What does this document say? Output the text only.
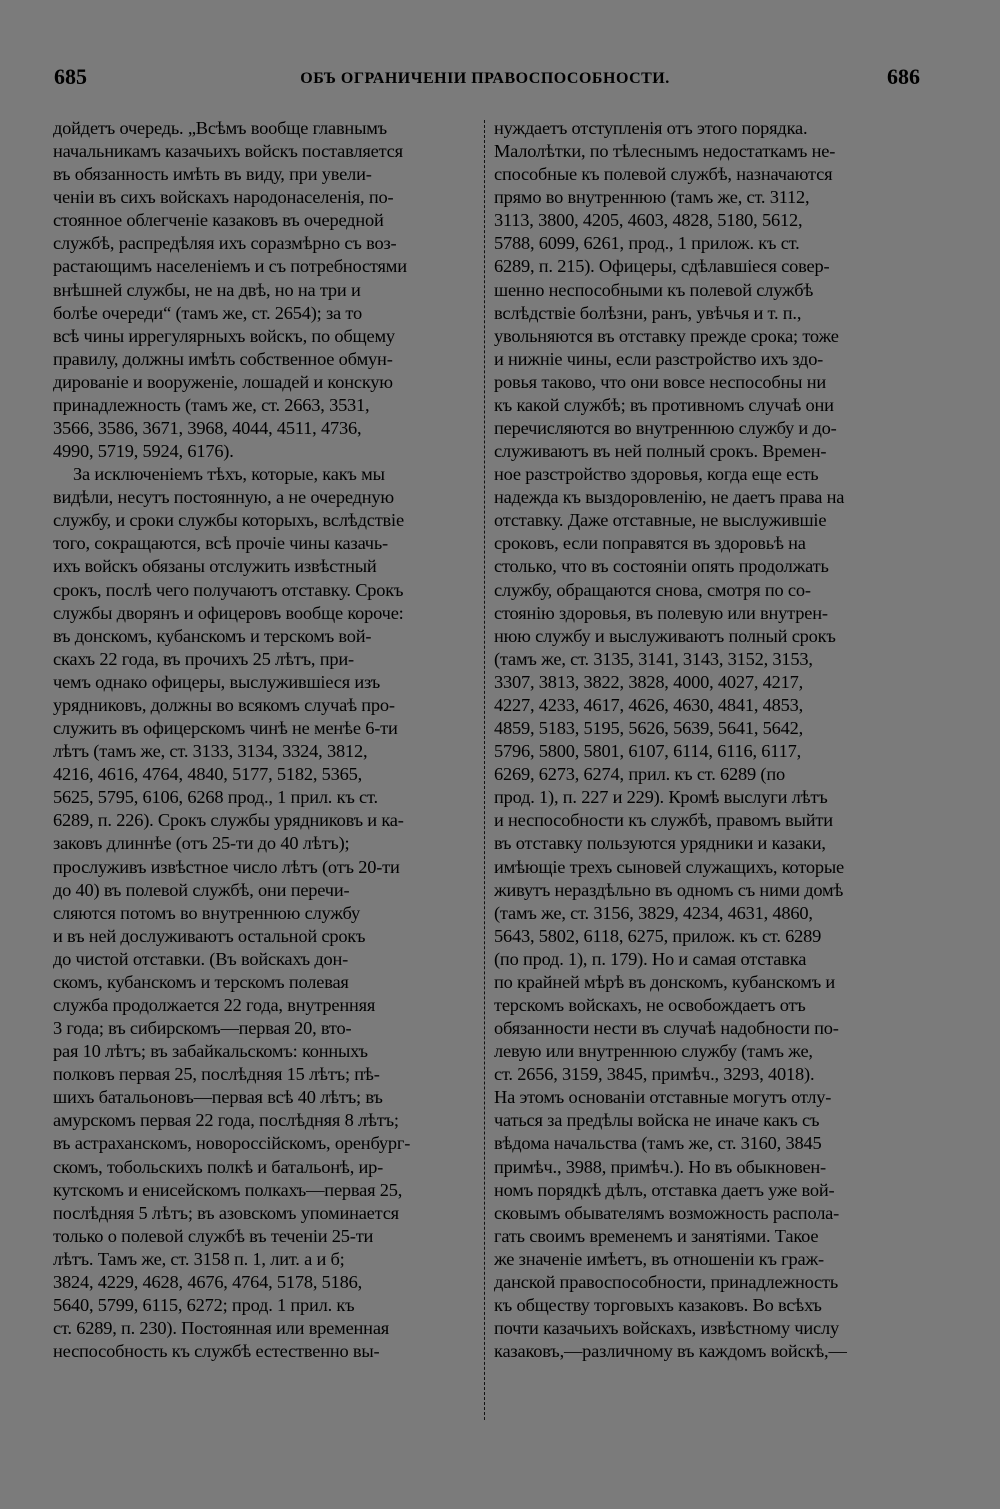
685	ОБЪ ОГРАНИЧЕНІИ ПРАВОСПОСОБНОСТИ.	686
дойдетъ очередь. „Всѣмъ вообще главнымъ
начальникамъ казачьихъ войскъ поставляется
въ обязанность имѣть въ виду, при увели-
ченіи въ сихъ войскахъ народонаселенія, по-
стоянное облегченіе казаковъ въ очередной
службѣ, распредѣляя ихъ соразмѣрно съ воз-
растающимъ населеніемъ и съ потребностями
внѣшней службы, не на двѣ, но на три и
болѣе очереди“ (тамъ же, ст. 2654); за то
всѣ чины иррегулярныхъ войскъ, по общему
правилу, должны имѣть собственное обмун-
дированіе и вооруженіе, лошадей и конскую
принадлежность (тамъ же, ст. 2663, 3531,
3566, 3586, 3671, 3968, 4044, 4511, 4736,
4990, 5719, 5924, 6176).
За исключеніемъ тѣхъ, которые, какъ мы
видѣли, несутъ постоянную, а не очередную
службу, и сроки службы которыхъ, вслѣдствіе
того, сокращаются, всѣ прочіе чины казачь-
ихъ войскъ обязаны отслужить извѣстный
срокъ, послѣ чего получаютъ отставку. Срокъ
службы дворянъ и офицеровъ вообще короче:
въ донскомъ, кубанскомъ и терскомъ вой-
скахъ 22 года, въ прочихъ 25 лѣтъ, при-
чемъ однако офицеры, выслужившіеся изъ
урядниковъ, должны во всякомъ случаѣ про-
служить въ офицерскомъ чинѣ не менѣе 6-ти
лѣтъ (тамъ же, ст. 3133, 3134, 3324, 3812,
4216, 4616, 4764, 4840, 5177, 5182, 5365,
5625, 5795, 6106, 6268 прод., 1 прил. къ ст.
6289, п. 226). Срокъ службы урядниковъ и ка-
заковъ длиннѣе (отъ 25-ти до 40 лѣтъ);
прослуживъ извѣстное число лѣтъ (отъ 20-ти
до 40) въ полевой службѣ, они перечи-
сляются потомъ во внутреннюю службу
и въ ней дослуживаютъ остальной срокъ
до чистой отставки. (Въ войскахъ дон-
скомъ, кубанскомъ и терскомъ полевая
служба продолжается 22 года, внутренняя
3 года; въ сибирскомъ—первая 20, вто-
рая 10 лѣтъ; въ забайкальскомъ: конныхъ
полковъ первая 25, послѣдняя 15 лѣтъ; пѣ-
шихъ батальоновъ—первая всѣ 40 лѣтъ; въ
амурскомъ первая 22 года, послѣдняя 8 лѣтъ;
въ астраханскомъ, новороссійскомъ, оренбург-
скомъ, тобольскихъ полкѣ и батальонѣ, ир-
кутскомъ и енисейскомъ полкахъ—первая 25,
послѣдняя 5 лѣтъ; въ азовскомъ упоминается
только о полевой службѣ въ теченіи 25-ти
лѣтъ. Тамъ же, ст. 3158 п. 1, лит. а и б;
3824, 4229, 4628, 4676, 4764, 5178, 5186,
5640, 5799, 6115, 6272; прод. 1 прил. къ
ст. 6289, п. 230). Постоянная или временная
неспособность къ службѣ естественно вы-
нуждаетъ отступленія отъ этого порядка.
Малолѣтки, по тѣлеснымъ недостаткамъ не-
способные къ полевой службѣ, назначаются
прямо во внутреннюю (тамъ же, ст. 3112,
3113, 3800, 4205, 4603, 4828, 5180, 5612,
5788, 6099, 6261, прод., 1 прилож. къ ст.
6289, п. 215). Офицеры, сдѣлавшіеся совер-
шенно неспособными къ полевой службѣ
вслѣдствіе болѣзни, ранъ, увѣчья и т. п.,
увольняются въ отставку прежде срока; тоже
и нижніе чины, если разстройство ихъ здо-
ровья таково, что они вовсе неспособны ни
къ какой службѣ; въ противномъ случаѣ они
перечисляются во внутреннюю службу и до-
служиваютъ въ ней полный срокъ. Времен-
ное разстройство здоровья, когда еще есть
надежда къ выздоровленію, не даетъ права на
отставку. Даже отставные, не выслужившіе
сроковъ, если поправятся въ здоровьѣ на
столько, что въ состояніи опять продолжать
службу, обращаются снова, смотря по со-
стоянію здоровья, въ полевую или внутрен-
нюю службу и выслуживаютъ полный срокъ
(тамъ же, ст. 3135, 3141, 3143, 3152, 3153,
3307, 3813, 3822, 3828, 4000, 4027, 4217,
4227, 4233, 4617, 4626, 4630, 4841, 4853,
4859, 5183, 5195, 5626, 5639, 5641, 5642,
5796, 5800, 5801, 6107, 6114, 6116, 6117,
6269, 6273, 6274, прил. къ ст. 6289 (по
прод. 1), п. 227 и 229). Кромѣ выслуги лѣтъ
и неспособности къ службѣ, правомъ выйти
въ отставку пользуются урядники и казаки,
имѣющіе трехъ сыновей служащихъ, которые
живутъ нераздѣльно въ одномъ съ ними домѣ
(тамъ же, ст. 3156, 3829, 4234, 4631, 4860,
5643, 5802, 6118, 6275, прилож. къ ст. 6289
(по прод. 1), п. 179). Но и самая отставка
по крайней мѣрѣ въ донскомъ, кубанскомъ и
терскомъ войскахъ, не освобождаетъ отъ
обязанности нести въ случаѣ надобности по-
левую или внутреннюю службу (тамъ же,
ст. 2656, 3159, 3845, примѣч., 3293, 4018).
На этомъ основаніи отставные могутъ отлу-
чаться за предѣлы войска не иначе какъ съ
вѣдома начальства (тамъ же, ст. 3160, 3845
примѣч., 3988, примѣч.). Но въ обыкновен-
номъ порядкѣ дѣлъ, отставка даетъ уже вой-
сковымъ обывателямъ возможность распола-
гать своимъ временемъ и занятіями. Такое
же значеніе имѣетъ, въ отношеніи къ граж-
данской правоспособности, принадлежность
къ обществу торговыхъ казаковъ. Во всѣхъ
почти казачьихъ войскахъ, извѣстному числу
казаковъ,—различному въ каждомъ войскѣ,—
